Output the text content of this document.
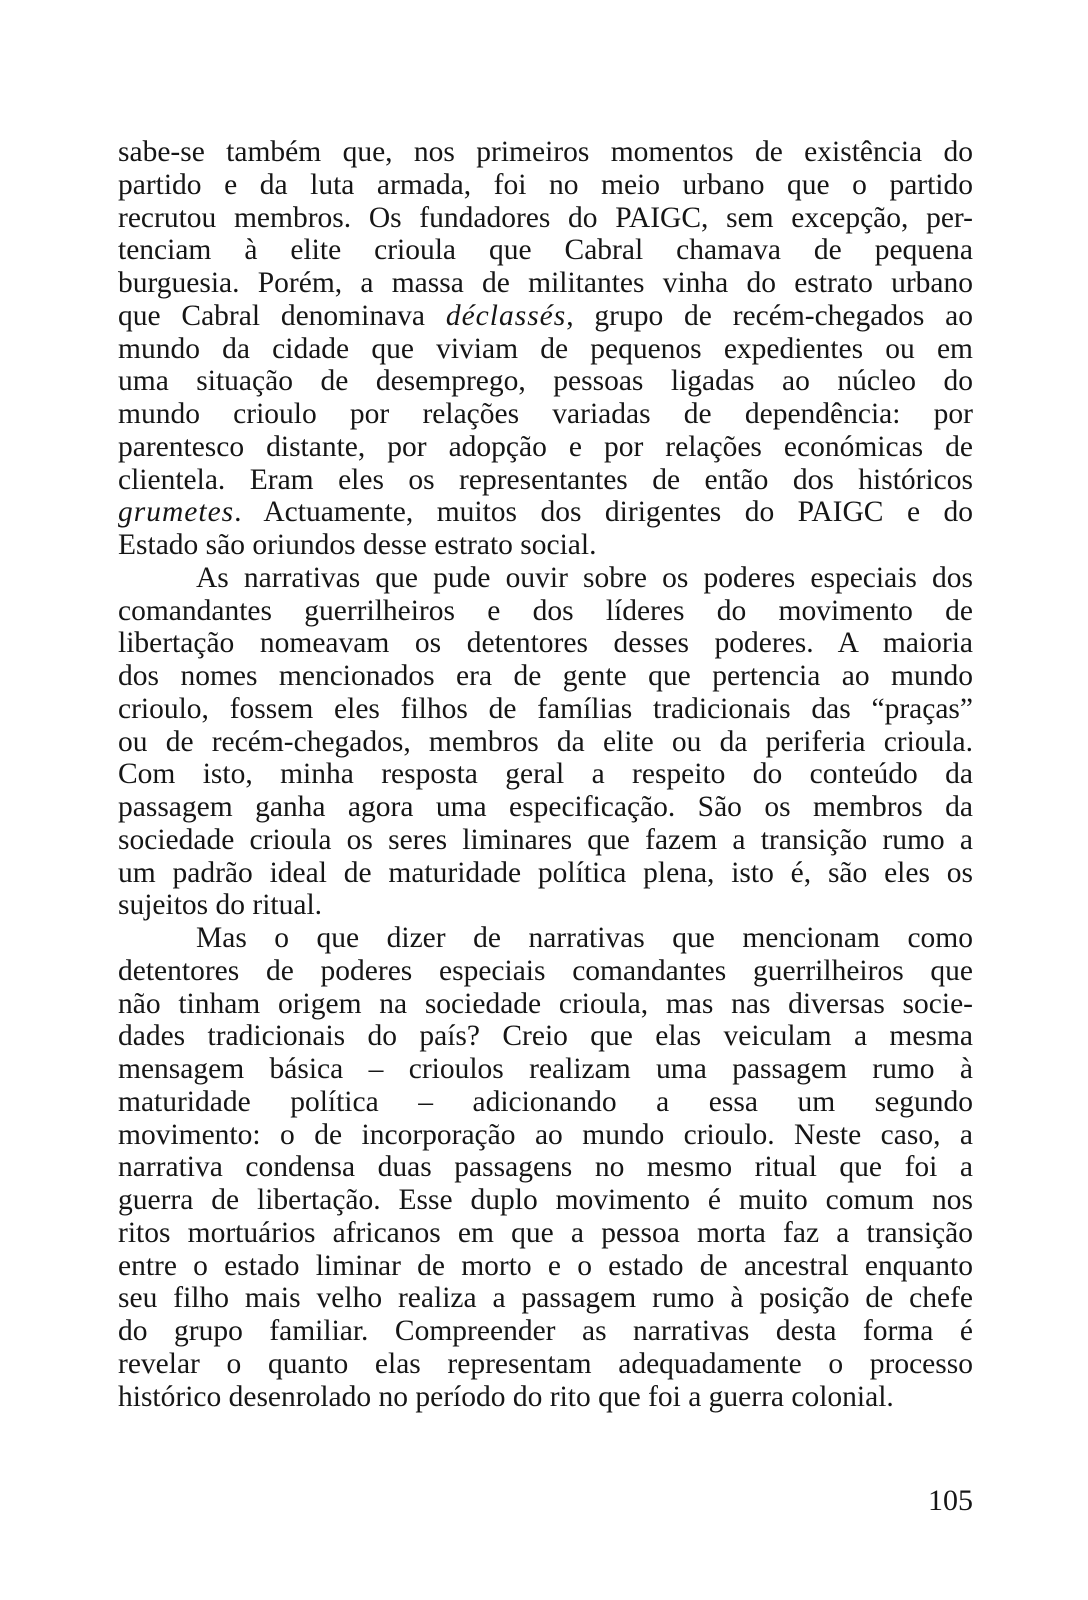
sabe-se também que, nos primeiros momentos de existência do
partido e da luta armada, foi no meio urbano que o partido
recrutou membros. Os fundadores do PAIGC, sem excepção, per-
tenciam à elite crioula que Cabral chamava de pequena
burguesia. Porém, a massa de militantes vinha do estrato urbano
que Cabral denominava déclassés, grupo de recém-chegados ao
mundo da cidade que viviam de pequenos expedientes ou em
uma situação de desemprego, pessoas ligadas ao núcleo do
mundo crioulo por relações variadas de dependência: por
parentesco distante, por adopção e por relações económicas de
clientela. Eram eles os representantes de então dos históricos
grumetes. Actuamente, muitos dos dirigentes do PAIGC e do
Estado são oriundos desse estrato social.
As narrativas que pude ouvir sobre os poderes especiais dos
comandantes guerrilheiros e dos líderes do movimento de
libertação nomeavam os detentores desses poderes. A maioria
dos nomes mencionados era de gente que pertencia ao mundo
crioulo, fossem eles filhos de famílias tradicionais das “praças”
ou de recém-chegados, membros da elite ou da periferia crioula.
Com isto, minha resposta geral a respeito do conteúdo da
passagem ganha agora uma especificação. São os membros da
sociedade crioula os seres liminares que fazem a transição rumo a
um padrão ideal de maturidade política plena, isto é, são eles os
sujeitos do ritual.
Mas o que dizer de narrativas que mencionam como
detentores de poderes especiais comandantes guerrilheiros que
não tinham origem na sociedade crioula, mas nas diversas socie-
dades tradicionais do país? Creio que elas veiculam a mesma
mensagem básica – crioulos realizam uma passagem rumo à
maturidade política – adicionando a essa um segundo
movimento: o de incorporação ao mundo crioulo. Neste caso, a
narrativa condensa duas passagens no mesmo ritual que foi a
guerra de libertação. Esse duplo movimento é muito comum nos
ritos mortuários africanos em que a pessoa morta faz a transição
entre o estado liminar de morto e o estado de ancestral enquanto
seu filho mais velho realiza a passagem rumo à posição de chefe
do grupo familiar. Compreender as narrativas desta forma é
revelar o quanto elas representam adequadamente o processo
histórico desenrolado no período do rito que foi a guerra colonial.
105
